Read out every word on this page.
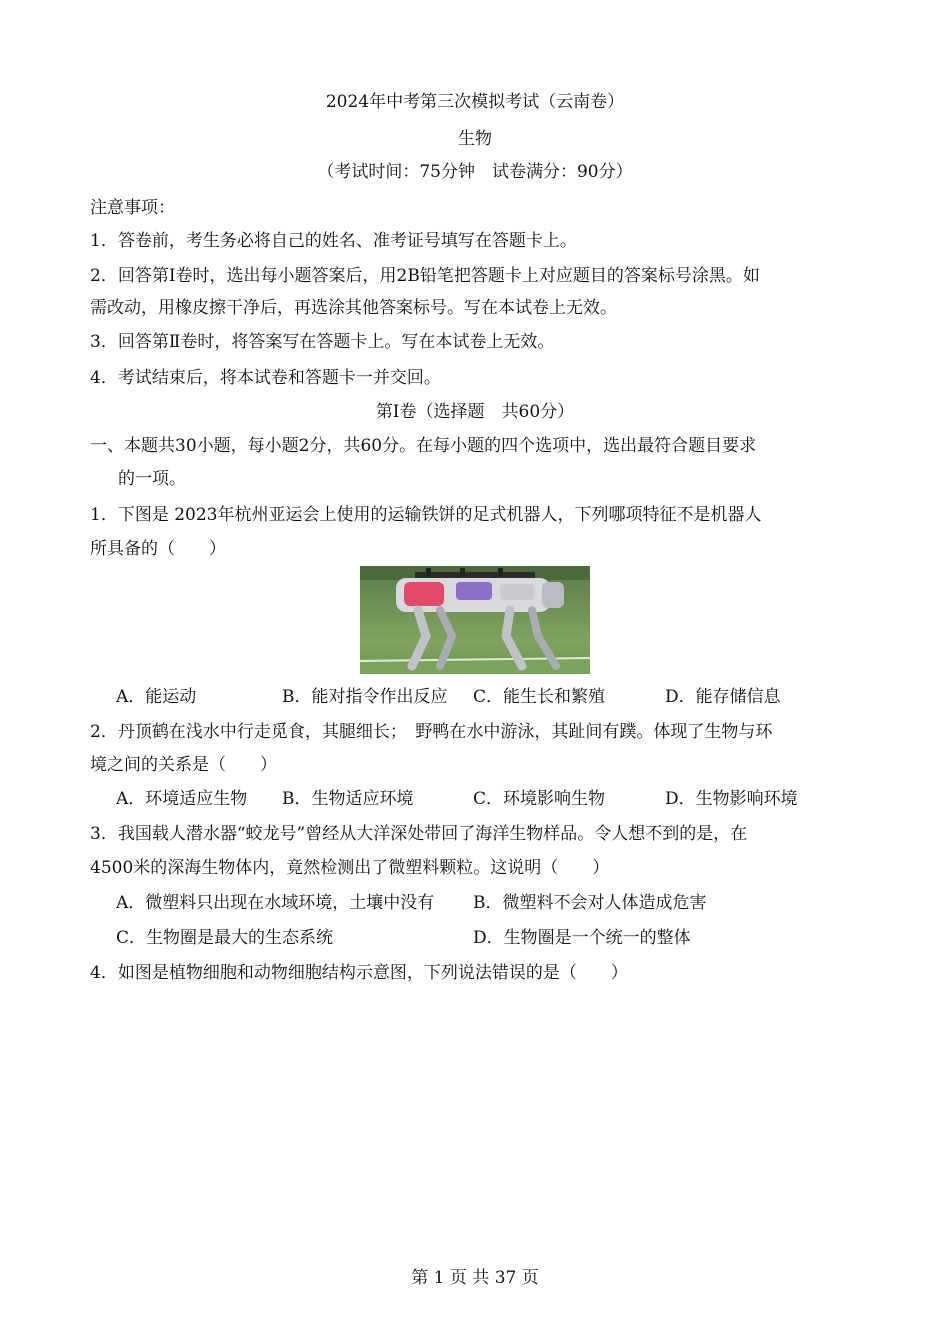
2024年中考第三次模拟考试（云南卷）
生物
（考试时间：75分钟　试卷满分：90分）
注意事项：
1．答卷前，考生务必将自己的姓名、准考证号填写在答题卡上。
2．回答第Ⅰ卷时，选出每小题答案后，用2B铅笔把答题卡上对应题目的答案标号涂黑。如
需改动，用橡皮擦干净后，再选涂其他答案标号。写在本试卷上无效。
3．回答第Ⅱ卷时，将答案写在答题卡上。写在本试卷上无效。
4．考试结束后，将本试卷和答题卡一并交回。
第Ⅰ卷（选择题　共60分）
一、本题共30小题，每小题2分，共60分。在每小题的四个选项中，选出最符合题目要求
的一项。
1．下图是 2023年杭州亚运会上使用的运输铁饼的足式机器人，下列哪项特征不是机器人
所具备的（　　）
A．能运动	B．能对指令作出反应 C．能生长和繁殖	D．能存储信息
2．丹顶鹤在浅水中行走觅食，其腿细长；　野鸭在水中游泳，其趾间有蹼。体现了生物与环
境之间的关系是（　　）
A．环境适应生物 B．生物适应环境	C．环境影响生物	D．生物影响环境
3．我国载人潜水器“蛟龙号”曾经从大洋深处带回了海洋生物样品。令人想不到的是，在
4500米的深海生物体内，竟然检测出了微塑料颗粒。这说明（　　）
A．微塑料只出现在水域环境，土壤中没有 B．微塑料不会对人体造成危害
C．生物圈是最大的生态系统	D．生物圈是一个统一的整体
4．如图是植物细胞和动物细胞结构示意图，下列说法错误的是（　　）
第 1 页 共 37 页
